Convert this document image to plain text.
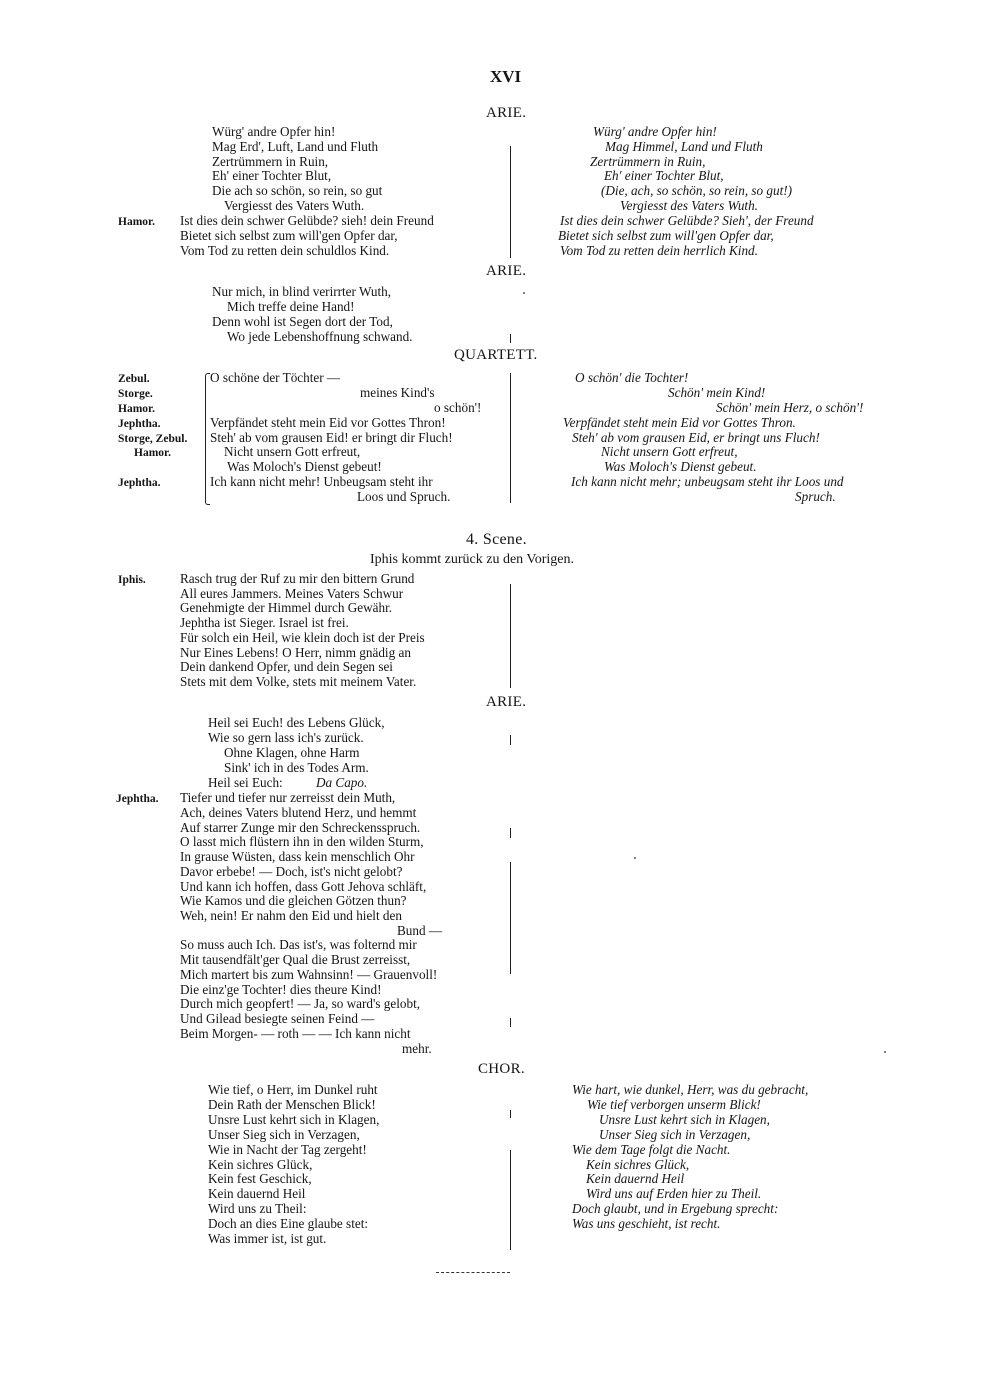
XVI
ARIE.
Würg' andre Opfer hin!
Mag Erd', Luft, Land und Fluth
Zertrümmern in Ruin,
Eh' einer Tochter Blut,
Die ach so schön, so rein, so gut
Vergiesst des Vaters Wuth.
Hamor. Ist dies dein schwer Gelübde? sieh! dein Freund
Bietet sich selbst zum will'gen Opfer dar,
Vom Tod zu retten dein schuldlos Kind.
Würg' andre Opfer hin!
Mag Himmel, Land und Fluth
Zertrümmern in Ruin,
Eh' einer Tochter Blut,
(Die, ach, so schön, so rein, so gut!)
Vergiesst des Vaters Wuth.
Ist dies dein schwer Gelübde? Sieh', der Freund
Bietet sich selbst zum will'gen Opfer dar,
Vom Tod zu retten dein herrlich Kind.
ARIE.
Nur mich, in blind verirrter Wuth,
Mich treffe deine Hand!
Denn wohl ist Segen dort der Tod,
Wo jede Lebenshoffnung schwand.
QUARTETT.
Zebul.
Storge.
Hamor.
Jephtha.
Storge, Zebul.
Hamor.
Jephtha.
O schöne der Töchter —
meines Kind's
o schön'!
Verpfändet steht mein Eid vor Gottes Thron!
Steh' ab vom grausen Eid! er bringt dir Fluch!
Nicht unsern Gott erfreut,
Was Moloch's Dienst gebeut!
Ich kann nicht mehr! Unbeugsam steht ihr
Loos und Spruch.
O schön' die Tochter!
Schön' mein Kind!
Schön' mein Herz, o schön'!
Verpfändet steht mein Eid vor Gottes Thron.
Steh' ab vom grausen Eid, er bringt uns Fluch!
Nicht unsern Gott erfreut,
Was Moloch's Dienst gebeut.
Ich kann nicht mehr; unbeugsam steht ihr Loos und
Spruch.
4. Scene.
Iphis kommt zurück zu den Vorigen.
Iphis.	Rasch trug der Ruf zu mir den bittern Grund
All eures Jammers. Meines Vaters Schwur
Genehmigte der Himmel durch Gewähr.
Jephtha ist Sieger. Israel ist frei.
Für solch ein Heil, wie klein doch ist der Preis
Nur Eines Lebens! O Herr, nimm gnädig an
Dein dankend Opfer, und dein Segen sei
Stets mit dem Volke, stets mit meinem Vater.
ARIE.
Heil sei Euch! des Lebens Glück,
Wie so gern lass ich's zurück.
Ohne Klagen, ohne Harm
Sink' ich in des Todes Arm.
Heil sei Euch:	Da Capo.
Jephtha. Tiefer und tiefer nur zerreisst dein Muth,
Ach, deines Vaters blutend Herz, und hemmt
Auf starrer Zunge mir den Schreckensspruch.
O lasst mich flüstern ihn in den wilden Sturm,
In grause Wüsten, dass kein menschlich Ohr
Davor erbebe! — Doch, ist's nicht gelobt?
Und kann ich hoffen, dass Gott Jehova schläft,
Wie Kamos und die gleichen Götzen thun?
Weh, nein! Er nahm den Eid und hielt den
Bund —
So muss auch Ich. Das ist's, was folternd mir
Mit tausendfält'ger Qual die Brust zerreisst,
Mich martert bis zum Wahnsinn! — Grauenvoll!
Die einz'ge Tochter! dies theure Kind!
Durch mich geopfert! — Ja, so ward's gelobt,
Und Gilead besiegte seinen Feind —
Beim Morgen- — roth — — Ich kann nicht
mehr.
CHOR.
Wie tief, o Herr, im Dunkel ruht
Dein Rath der Menschen Blick!
Unsre Lust kehrt sich in Klagen,
Unser Sieg sich in Verzagen,
Wie in Nacht der Tag zergeht!
Kein sichres Glück,
Kein fest Geschick,
Kein dauernd Heil
Wird uns zu Theil:
Doch an dies Eine glaube stet:
Was immer ist, ist gut.
Wie hart, wie dunkel, Herr, was du gebracht,
Wie tief verborgen unserm Blick!
Unsre Lust kehrt sich in Klagen,
Unser Sieg sich in Verzagen,
Wie dem Tage folgt die Nacht.
Kein sichres Glück,
Kein dauernd Heil
Wird uns auf Erden hier zu Theil.
Doch glaubt, und in Ergebung sprecht:
Was uns geschieht, ist recht.
